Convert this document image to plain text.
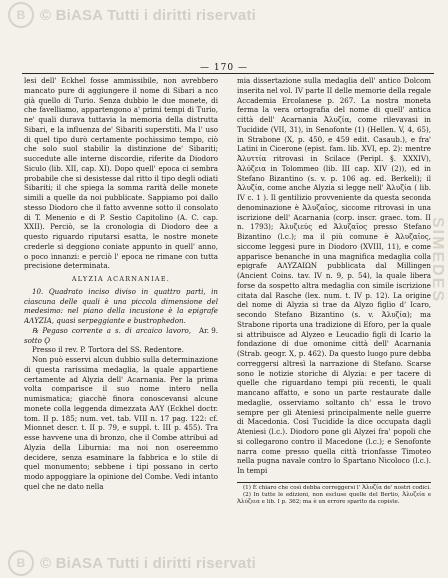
B © BiASA Tutti i diritti riservati
— 170 —

lesi dell' Eckhel fosse ammissibile, non avrebbero mancato pure di aggiungere il nome di Sibari a nco già quello di Turio. Senza dubbio le due monete, di che favelliamo, appartengono a' primi tempi di Turio, ne' quali durava tuttavia la memoria della distrutta Sibari, e la influenza de' Sibariti superstiti. Ma l' uso di quel tipo durò certamente pochissimo tempo, ciò che solo suol stabilir la distinzione de' Sibariti; succedute alle interne discordie, riferite da Diodoro Siculo (lib. XII, cap. XI). Dopo quell' epoca ci sembra probabile che si desistesse dal ritto il tipo degli odiati Sibariti; il che spiega la somma rarità delle monete simili a quelle da noi pubblicate. Sappiamo poi dallo stesso Diodoro che il fatto avvenne sotto il consolato di T. Menenio e di P. Sestio Capitolino (A. C. cap. XXII). Perciò, se la cronologia di Diodoro dee a questo riguardo riputarsi esatta, le nostre monete crederle si deggiono coniate appunto in quell' anno, o poco innanzi: e perciò l' epoca ne rimane con tutta precisione determinata.

ALYZIA ACARNANIAE.

10. Quadrato inciso diviso in quattro parti, in ciascuna delle quali è una piccola dimensione del medesimo: nel piano della incusione è la epigrafe ΑΛΥΖΙΑ, quasi serpeggiante e bustrophedon.

Ar. 9.
℞ Pegaso corrente a s. di arcaico lavoro, sotto Ϙ

Presso il rev. P. Tortora del SS. Redentore.

Non può esservi alcun dubbio sulla determinazione di questa rarissima medaglia, la quale appartiene certamente ad Alyzia dell' Acarnania. Per la prima volta comparisce il suo nome intero nella numismatica; giacchè finora conoscevansi alcune monete colla leggenda dimezzata ΑΛΥ (Eckhel doctr. tom. II p. 185; num. vet. tab. VIII n. 17 pag. 122: cf. Mionnet descr. t. II p. 79, e suppl. t. III p. 455). Tra esse havvene una di bronzo, che il Combe attribuì ad Alyzia della Liburnia: ma noi non osereemmo decidere, senza esaminare la fabbrica e lo stile di quel monumento; sebbene i tipi possano in certo modo appoggiare la opinione del Combe. Vedi intanto quel che ne dato nella

mia dissertazione sulla medaglia dell' antico Dolcom inserita nel vol. IV parte II delle memorie della regale Accademia Ercolanese p. 267. La nostra moneta ferma la vera ortografia del nome di quell' antica città dell' Acarnania Ἀλυζία, come rilevavasi in Tucidide (VII, 31), in Senofonte (1) (Hellen. V, 4, 65), in Strabone (X, p. 450, e 459 edit. Casaub.), e fra' Latini in Cicerone (epist. fam. lib. XVI, ep. 2): mentre Ἀλυττία ritrovasi in Scilace (Peripl. §. XXXIV), Ἀλύζεια in Tolommeo (lib. III cap. XIV (2)), ed in Stefano Bizantino (s. v. p. 106 ag. ed. Berkeli); il Ἀλυζία, come anche Alyzia si legge nell' Ἀλυζία ( lib. IV c. 1 ). Il gentilizio provveniente da questa seconda denominazione è Ἀλυζαῖος, siccome ritrovasi in una iscrizione dell' Acarnania (corp. inscr. graec. tom. II n. 1793); Ἀλυζιεύς ed Ἀλυζαῖος presso Stefano Bizantino (l.c.); ma il più comune è Ἀλυζαῖος, siccome leggesi pure in Diodoro (XVIII, 11), e come apparisce benanche in una magnifica medaglia colla epigrafe ΑΛΥΖΑΙΩΝ pubblicata dal Millingen (Ancient Coins. tav. IV n. 9, p. 54), la quale libera forse da sospetto altra medaglia con simile iscrizione citata dal Rasche (lex. num. t. IV p. 12). La origine del nome di Alyzia si trae da Alyzo figlio d' Icaro, secondo Stefano Bizantino (s. v. Ἀλυζία); ma Strabone riporta una tradizione di Eforo, per la quale si attribuisce ad Alyzeo e Leucadio figli di Icario la fondazione di due omonime città dell' Acarnania (Strab. geogr. X, p. 462). Da questo luogo pure debba correggersi altresì la narrazione di Stefano. Scarse sono le notizie storiche di Alyzia: e per tacere di quelle che riguardano tempi più recenti, le quali mancano affatto, e sono un parte restaurate dalle medaglie, osserviamo soltanto ch' essa le trovo sempre per gli Ateniesi principalmente nelle guerre di Macedonia. Così Tucidide la dice occupata dagli Ateniesi (l.c.). Diodoro pone gli Alyzei fra' popoli che si collegarono contro il Macedone (l.c.); e Senofonte narra come presso quella città trionfasse Timoteo nella pugna navale contro lo Spartano Nicoloco (l.c.). In tempi

(1) È chiaro che così debba correggersi l' Ἀλυζία de' nostri codici.

(2) In tutte le edizioni, non escluse quelle del Bertio, Ἀλυζεία e Ἀλύζεια e lib. I p. 362; ma è un errore sparito da copiste.

SIMEDES
B © BiASA Tutti i diritti riservati
